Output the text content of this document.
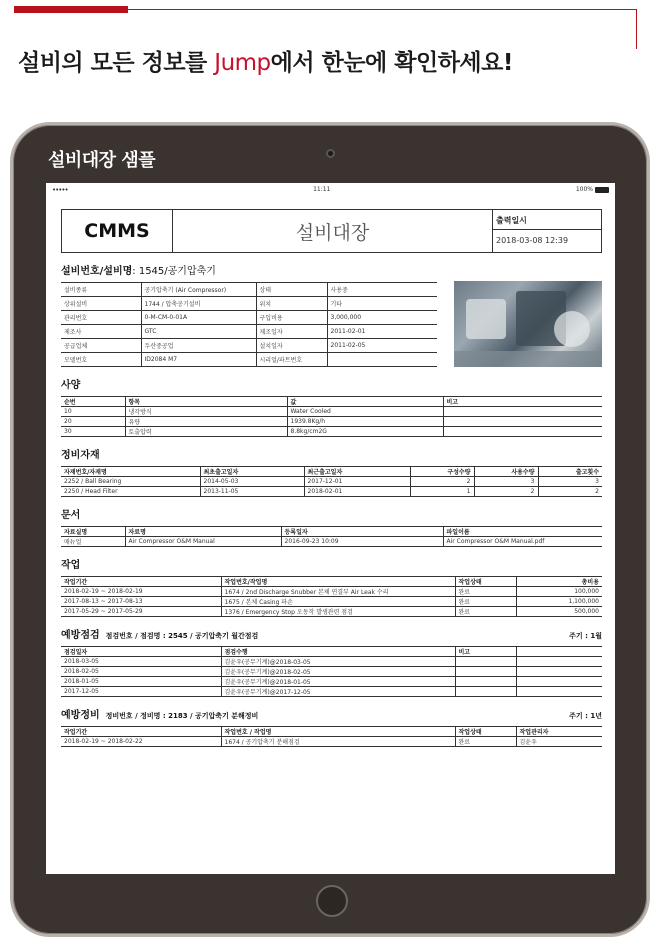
설비의 모든 정보를 Jump에서 한눈에 확인하세요!
설비대장 샘플
•••••	11:11	100%
CMMS	설비대장
출력일시
2018-03-08 12:39
설비번호/설비명 : 1545/공기압축기
설비종류	공기압축기 (Air Compressor)	상태	사용중
상위설비	1744 / 압축공기설비	위치	기타
관리번호	0-M-CM-0-01A	구입비용	3,000,000
제조사	GTC	제조일자	2011-02-01
공급업체	두산중공업	설치일자	2011-02-05
모델번호	ID2084 M7	시리얼/파트번호	
사양
순번	항목	값	비고
10	냉각방식	Water Cooled	
20	유량	1939.8Kg/h	
30	토출압력	8.8kg/cm2G	
정비자재
자재번호/자재명	최초출고일자	최근출고일자	구성수량	사용수량	출고횟수
2252 / Ball Bearing	2014-05-03	2017-12-01	2	3	3
2250 / Head Filter	2013-11-05	2018-02-01	1	2	2
문서
자료실명	자료명	등록일자	파일이름
매뉴얼	Air Compressor O&M Manual	2016-09-23 10:09	Air Compressor O&M Manual.pdf
작업
작업기간	작업번호/작업명	작업상태	총비용
2018-02-19 ~ 2018-02-19	1674 / 2nd Discharge Snubber 본체 연결부 Air Leak 수리	완료	100,000
2017-08-13 ~ 2017-08-13	1675 / 본체 Casing 파손	완료	1,100,000
2017-05-29 ~ 2017-05-29	1376 / Emergency Stop 오동작 발생관련 점검	완료	500,000
예방점검 점검번호 / 점검명 : 2545 / 공기압축기 월간점검	주기 : 1월
점검일자	점검수행	비고	
2018-03-05	김윤우(공무기계)@2018-03-05		
2018-02-05	김윤우(공무기계)@2018-02-05		
2018-01-05	김윤우(공무기계)@2018-01-05		
2017-12-05	김윤우(공무기계)@2017-12-05		
예방정비 정비번호 / 정비명 : 2183 / 공기압축기 분해정비	주기 : 1년
작업기간	작업번호 / 작업명	작업상태	작업관리자
2018-02-19 ~ 2018-02-22	1674 / 공기압축기 분해점검	완료	김윤우
